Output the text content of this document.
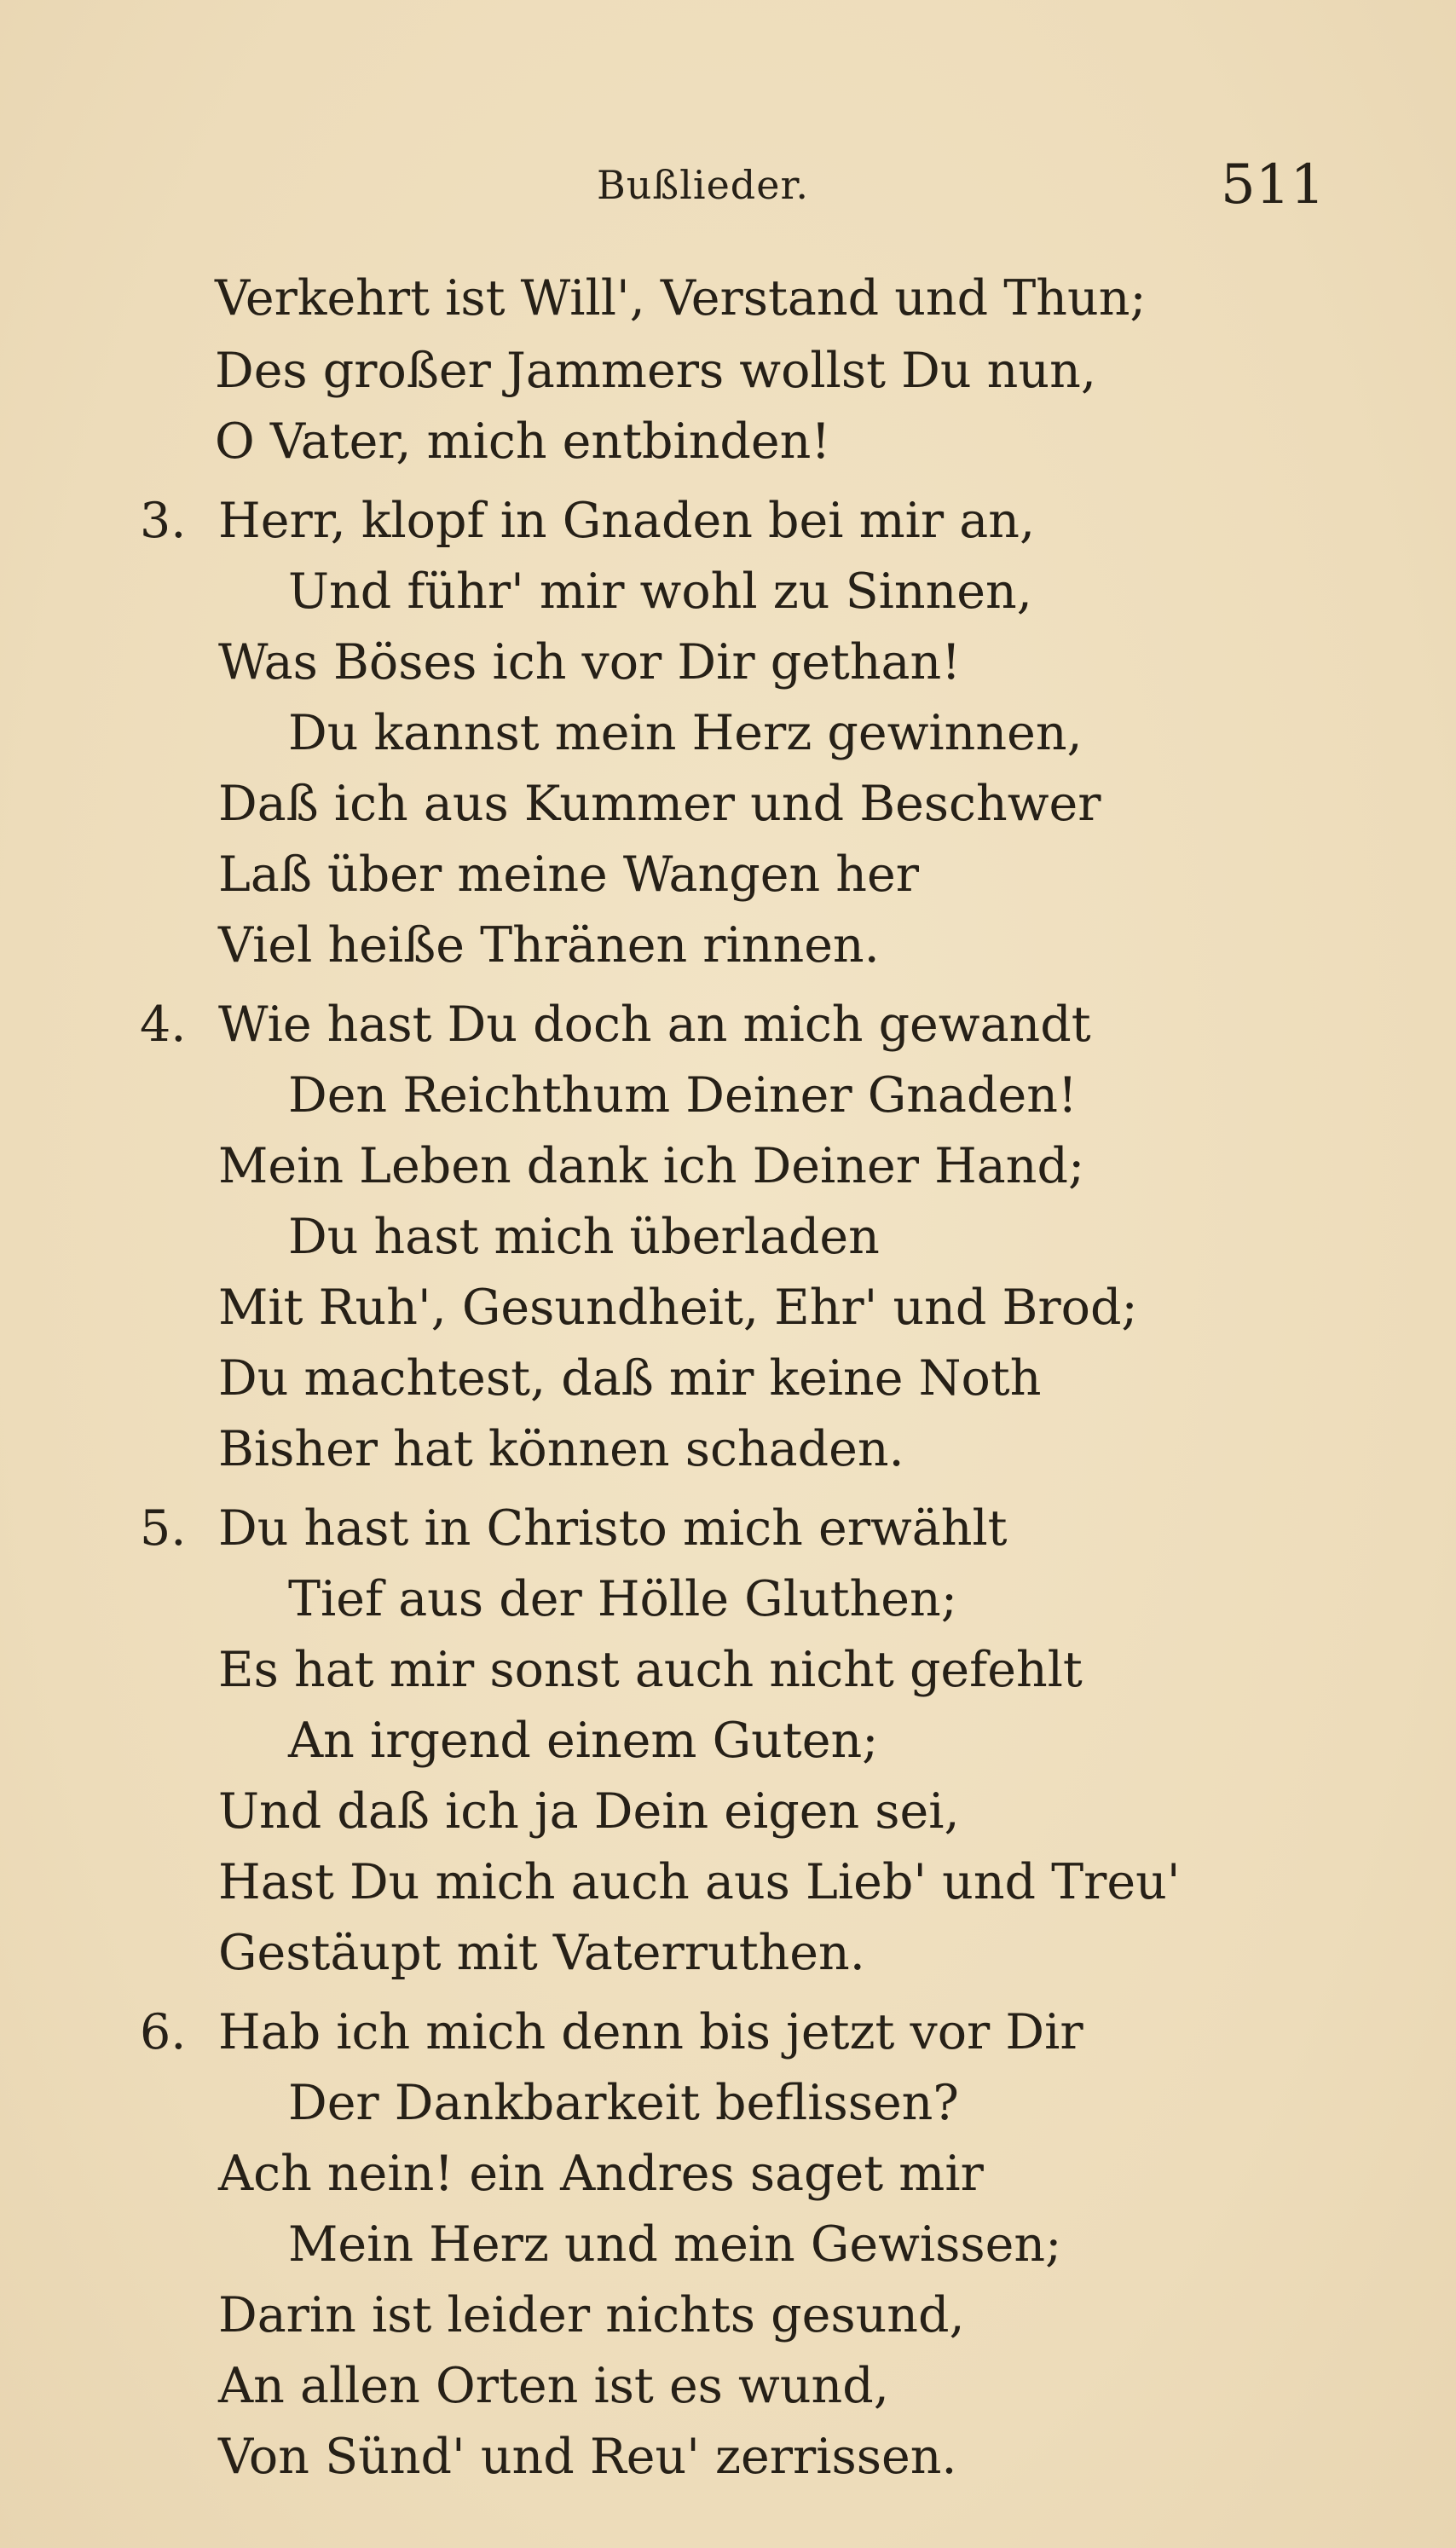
Bußlieder.	511
Verkehrt ist Will', Verstand und Thun;
Des großer Jammers wollst Du nun,
O Vater, mich entbinden!
3. Herr, klopf in Gnaden bei mir an,
Und führ' mir wohl zu Sinnen,
Was Böses ich vor Dir gethan!
Du kannst mein Herz gewinnen,
Daß ich aus Kummer und Beschwer
Laß über meine Wangen her
Viel heiße Thränen rinnen.
4. Wie hast Du doch an mich gewandt
Den Reichthum Deiner Gnaden!
Mein Leben dank ich Deiner Hand;
Du hast mich überladen
Mit Ruh', Gesundheit, Ehr' und Brod;
Du machtest, daß mir keine Noth
Bisher hat können schaden.
5. Du hast in Christo mich erwählt
Tief aus der Hölle Gluthen;
Es hat mir sonst auch nicht gefehlt
An irgend einem Guten;
Und daß ich ja Dein eigen sei,
Hast Du mich auch aus Lieb' und Treu'
Gestäupt mit Vaterruthen.
6. Hab ich mich denn bis jetzt vor Dir
Der Dankbarkeit beflissen?
Ach nein! ein Andres saget mir
Mein Herz und mein Gewissen;
Darin ist leider nichts gesund,
An allen Orten ist es wund,
Von Sünd' und Reu' zerrissen.
